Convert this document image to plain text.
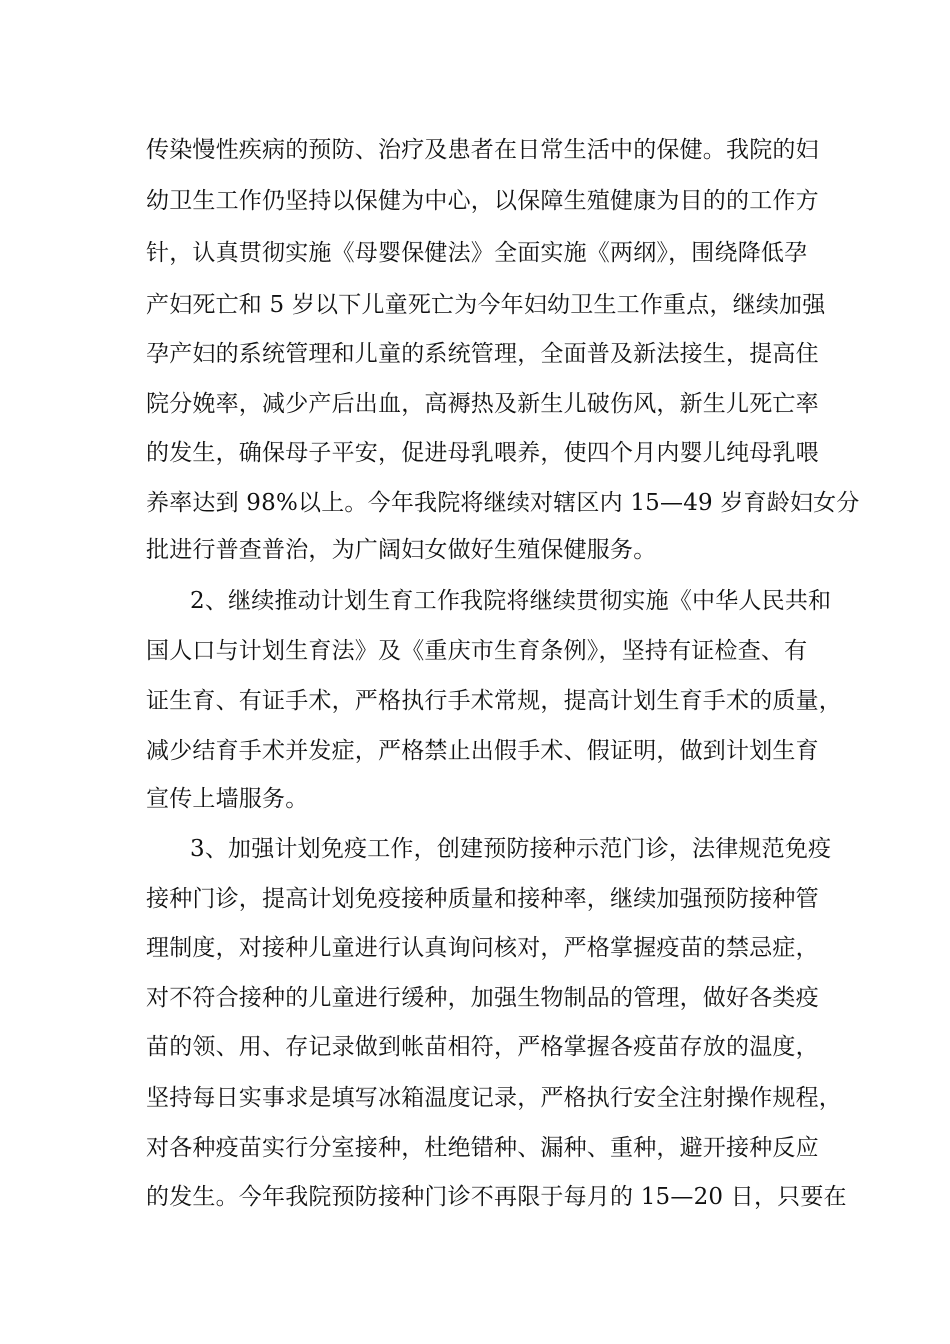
传染慢性疾病的预防、治疗及患者在日常生活中的保健。我院的妇
幼卫生工作仍坚持以保健为中心，以保障生殖健康为目的的工作方
针，认真贯彻实施《母婴保健法》全面实施《两纲》，围绕降低孕
产妇死亡和 5 岁以下儿童死亡为今年妇幼卫生工作重点，继续加强
孕产妇的系统管理和儿童的系统管理，全面普及新法接生，提高住
院分娩率，减少产后出血，高褥热及新生儿破伤风，新生儿死亡率
的发生，确保母子平安，促进母乳喂养，使四个月内婴儿纯母乳喂
养率达到 98%以上。今年我院将继续对辖区内 15—49 岁育龄妇女分
批进行普查普治，为广阔妇女做好生殖保健服务。
2、继续推动计划生育工作我院将继续贯彻实施《中华人民共和
国人口与计划生育法》及《重庆市生育条例》，坚持有证检查、有
证生育、有证手术，严格执行手术常规，提高计划生育手术的质量，
减少结育手术并发症，严格禁止出假手术、假证明，做到计划生育
宣传上墙服务。
3、加强计划免疫工作，创建预防接种示范门诊，法律规范免疫
接种门诊，提高计划免疫接种质量和接种率，继续加强预防接种管
理制度，对接种儿童进行认真询问核对，严格掌握疫苗的禁忌症，
对不符合接种的儿童进行缓种，加强生物制品的管理，做好各类疫
苗的领、用、存记录做到帐苗相符，严格掌握各疫苗存放的温度，
坚持每日实事求是填写冰箱温度记录，严格执行安全注射操作规程，
对各种疫苗实行分室接种，杜绝错种、漏种、重种，避开接种反应
的发生。今年我院预防接种门诊不再限于每月的 15—20 日，只要在
